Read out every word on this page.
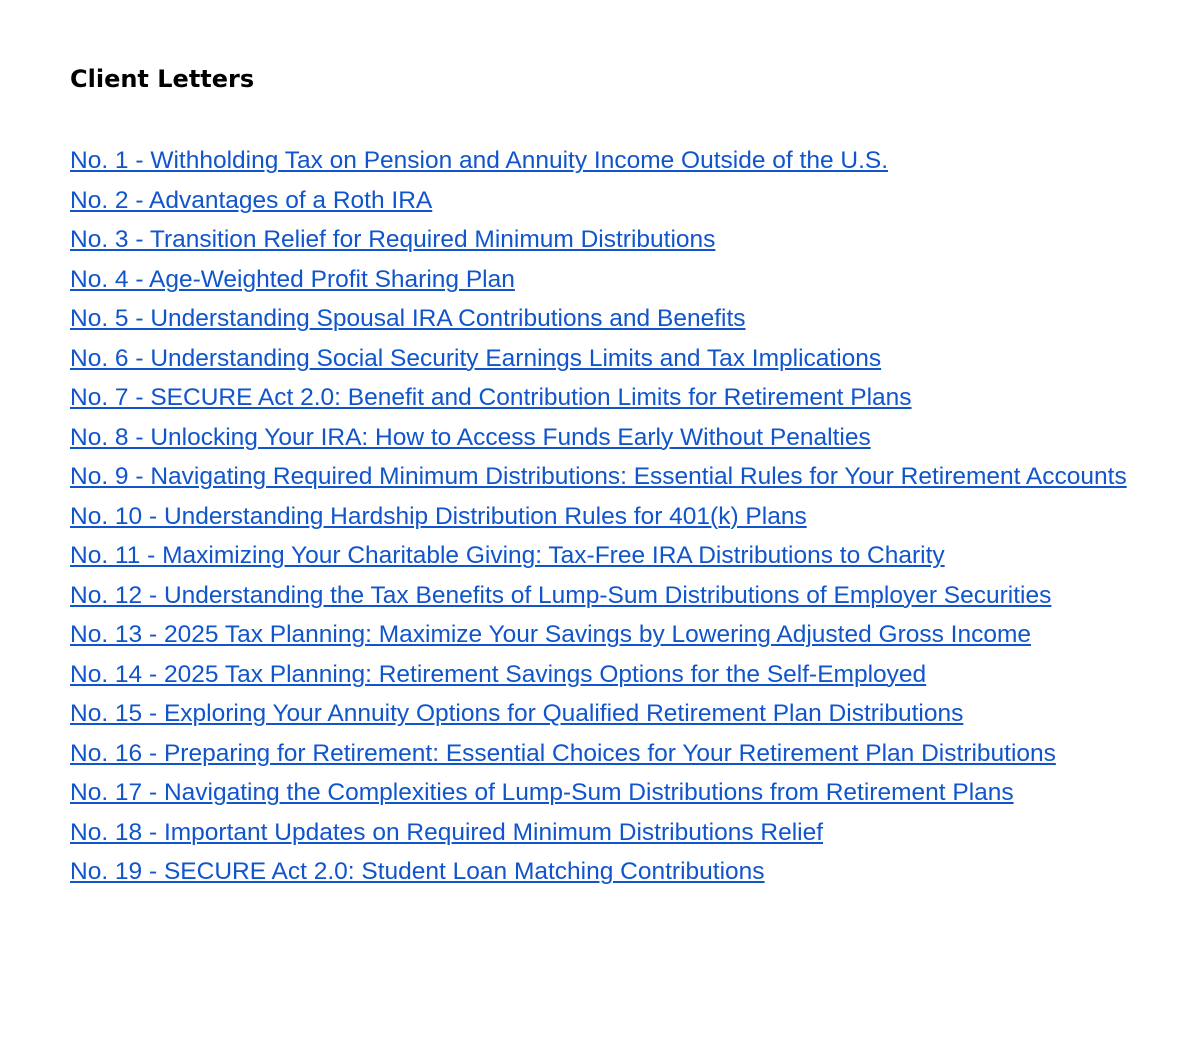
Client Letters
No. 1 - Withholding Tax on Pension and Annuity Income Outside of the U.S.
No. 2 - Advantages of a Roth IRA
No. 3 - Transition Relief for Required Minimum Distributions
No. 4 - Age-Weighted Profit Sharing Plan
No. 5 - Understanding Spousal IRA Contributions and Benefits
No. 6 - Understanding Social Security Earnings Limits and Tax Implications
No. 7 - SECURE Act 2.0: Benefit and Contribution Limits for Retirement Plans
No. 8 - Unlocking Your IRA: How to Access Funds Early Without Penalties
No. 9 - Navigating Required Minimum Distributions: Essential Rules for Your Retirement Accounts
No. 10 - Understanding Hardship Distribution Rules for 401(k) Plans
No. 11 - Maximizing Your Charitable Giving: Tax-Free IRA Distributions to Charity
No. 12 - Understanding the Tax Benefits of Lump-Sum Distributions of Employer Securities
No. 13 - 2025 Tax Planning: Maximize Your Savings by Lowering Adjusted Gross Income
No. 14 - 2025 Tax Planning: Retirement Savings Options for the Self-Employed
No. 15 - Exploring Your Annuity Options for Qualified Retirement Plan Distributions
No. 16 - Preparing for Retirement: Essential Choices for Your Retirement Plan Distributions
No. 17 - Navigating the Complexities of Lump-Sum Distributions from Retirement Plans
No. 18 - Important Updates on Required Minimum Distributions Relief
No. 19 - SECURE Act 2.0: Student Loan Matching Contributions
